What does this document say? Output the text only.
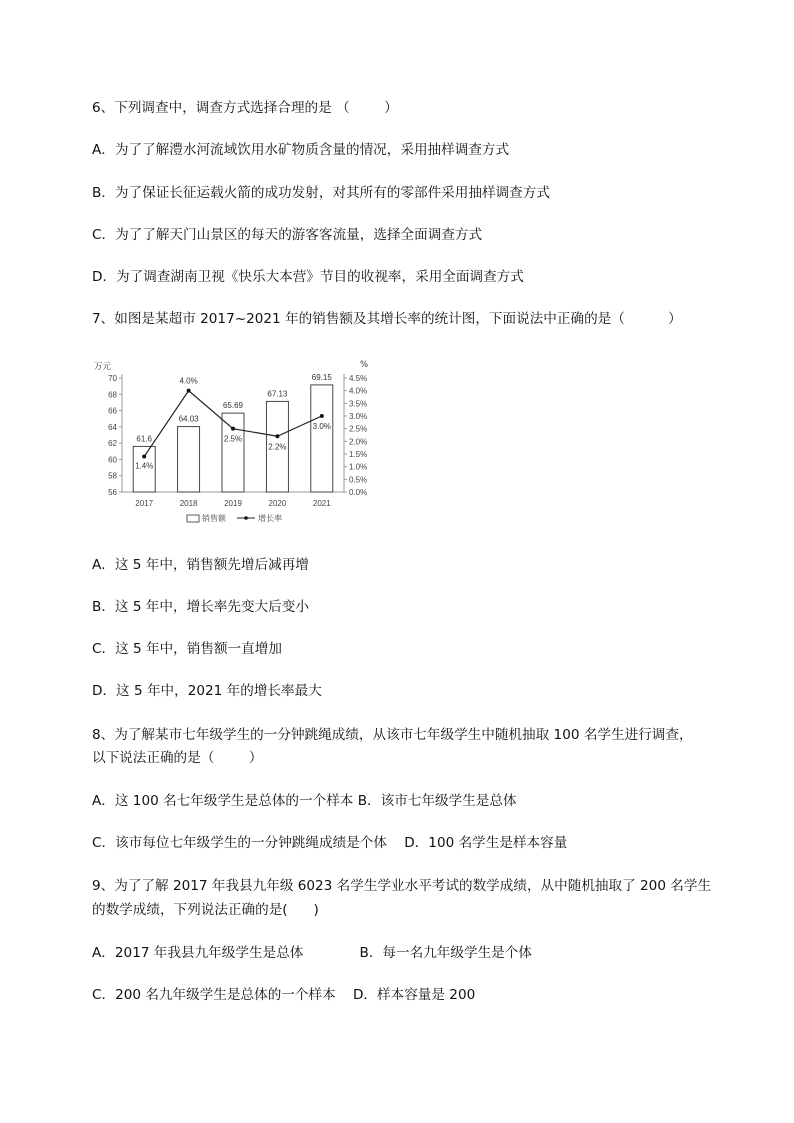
6、下列调查中，调查方式选择合理的是 （        ）
A．为了了解澧水河流域饮用水矿物质含量的情况，采用抽样调查方式
B．为了保证长征运载火箭的成功发射，对其所有的零部件采用抽样调查方式
C．为了了解天门山景区的每天的游客客流量，选择全面调查方式
D．为了调查湖南卫视《快乐大本营》节目的收视率，采用全面调查方式
7、如图是某超市 2017~2021 年的销售额及其增长率的统计图，下面说法中正确的是（          ）
万元	%
70
68
66
64
62
60
58
56
4.5%
4.0%
3.5%
3.0%
2.5%
2.0%
1.5%
1.0%
0.5%
0.0%
61.6
64.03
65.69
67.13
69.15
2017	2018	2019	2020	2021
1.4%
4.0%
2.5%
2.2%
3.0%
销售额	增长率
A．这 5 年中，销售额先增后减再增
B．这 5 年中，增长率先变大后变小
C．这 5 年中，销售额一直增加
D．这 5 年中，2021 年的增长率最大
8、为了解某市七年级学生的一分钟跳绳成绩，从该市七年级学生中随机抽取 100 名学生进行调查，
以下说法正确的是（        ）
A．这 100 名七年级学生是总体的一个样本 B．该市七年级学生是总体
C．该市每位七年级学生的一分钟跳绳成绩是个体    D．100 名学生是样本容量
9、为了了解 2017 年我县九年级 6023 名学生学业水平考试的数学成绩，从中随机抽取了 200 名学生
的数学成绩，下列说法正确的是(      )
A．2017 年我县九年级学生是总体             B．每一名九年级学生是个体
C．200 名九年级学生是总体的一个样本    D．样本容量是 200
